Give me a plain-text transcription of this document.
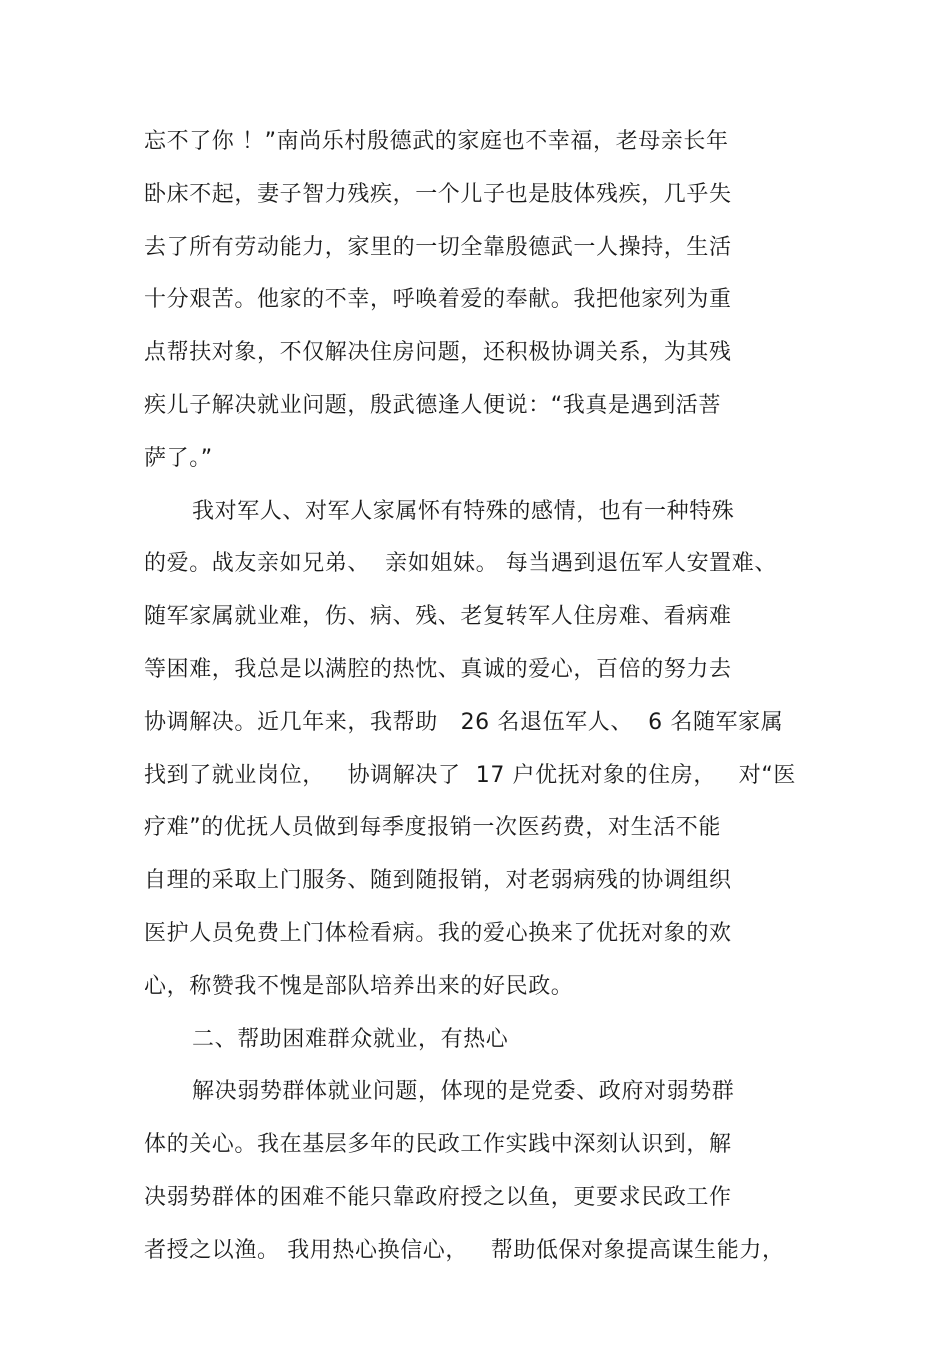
忘不了你 ！”南尚乐村殷德武的家庭也不幸福，老母亲长年
卧床不起，妻子智力残疾，一个儿子也是肢体残疾，几乎失
去了所有劳动能力，家里的一切全靠殷德武一人操持，生活
十分艰苦。他家的不幸，呼唤着爱的奉献。我把他家列为重
点帮扶对象，不仅解决住房问题，还积极协调关系，为其残
疾儿子解决就业问题，殷武德逢人便说：“我真是遇到活菩
萨了。”
我对军人、对军人家属怀有特殊的感情，也有一种特殊
的爱。战友亲如兄弟、  亲如姐妹。 每当遇到退伍军人安置难、
随军家属就业难，伤、病、残、老复转军人住房难、看病难
等困难，我总是以满腔的热忱、真诚的爱心，百倍的努力去
协调解决。近几年来，我帮助   26 名退伍军人、  6 名随军家属
找到了就业岗位，   协调解决了  17 户优抚对象的住房，   对“医
疗难”的优抚人员做到每季度报销一次医药费，对生活不能
自理的采取上门服务、随到随报销，对老弱病残的协调组织
医护人员免费上门体检看病。我的爱心换来了优抚对象的欢
心，称赞我不愧是部队培养出来的好民政。
二、帮助困难群众就业，有热心
解决弱势群体就业问题，体现的是党委、政府对弱势群
体的关心。我在基层多年的民政工作实践中深刻认识到，解
决弱势群体的困难不能只靠政府授之以鱼，更要求民政工作
者授之以渔。 我用热心换信心，   帮助低保对象提高谋生能力，
